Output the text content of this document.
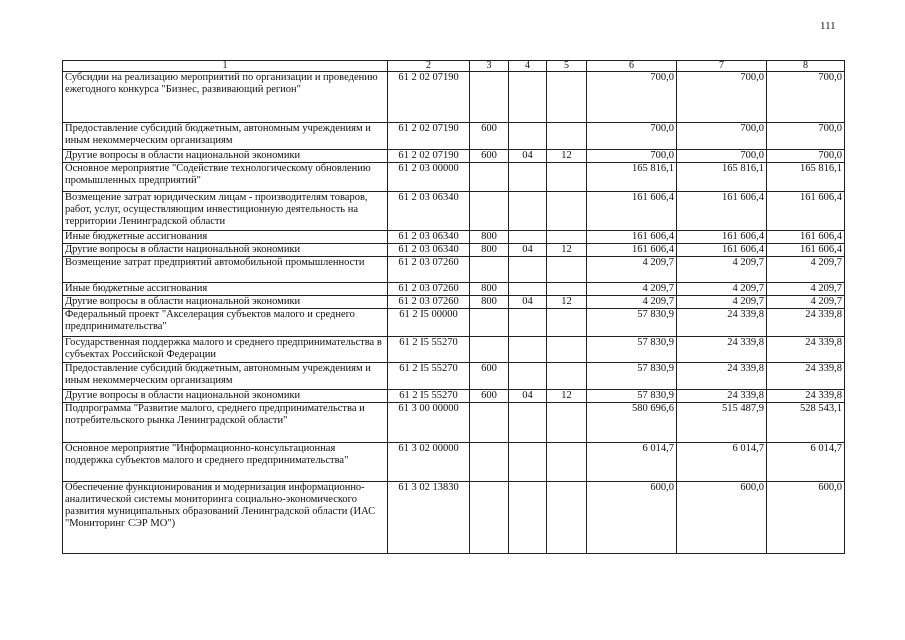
111
1	2	3	4	5	6	7	8
Субсидии на реализацию мероприятий по организации и проведению ежегодного конкурса "Бизнес, развивающий регион"	61 2 02 07190				700,0	700,0	700,0
Предоставление субсидий бюджетным, автономным учреждениям и иным некоммерческим организациям	61 2 02 07190	600			700,0	700,0	700,0
Другие вопросы в области национальной экономики	61 2 02 07190	600	04	12	700,0	700,0	700,0
Основное мероприятие "Содействие технологическому обновлению промышленных предприятий"	61 2 03 00000				165 816,1	165 816,1	165 816,1
Возмещение затрат юридическим лицам - производителям товаров, работ, услуг, осуществляющим инвестиционную деятельность на территории Ленинградской области	61 2 03 06340				161 606,4	161 606,4	161 606,4
Иные бюджетные ассигнования	61 2 03 06340	800			161 606,4	161 606,4	161 606,4
Другие вопросы в области национальной экономики	61 2 03 06340	800	04	12	161 606,4	161 606,4	161 606,4
Возмещение затрат предприятий автомобильной промышленности	61 2 03 07260				4 209,7	4 209,7	4 209,7
Иные бюджетные ассигнования	61 2 03 07260	800			4 209,7	4 209,7	4 209,7
Другие вопросы в области национальной экономики	61 2 03 07260	800	04	12	4 209,7	4 209,7	4 209,7
Федеральный проект "Акселерация субъектов малого и среднего предпринимательства"	61 2 I5 00000				57 830,9	24 339,8	24 339,8
Государственная поддержка малого и среднего предпринимательства в субъектах Российской Федерации	61 2 I5 55270				57 830,9	24 339,8	24 339,8
Предоставление субсидий бюджетным, автономным учреждениям и иным некоммерческим организациям	61 2 I5 55270	600			57 830,9	24 339,8	24 339,8
Другие вопросы в области национальной экономики	61 2 I5 55270	600	04	12	57 830,9	24 339,8	24 339,8
Подпрограмма "Развитие малого, среднего предпринимательства и потребительского рынка Ленинградской области"	61 3 00 00000				580 696,6	515 487,9	528 543,1
Основное мероприятие "Информационно-консультационная поддержка субъектов малого и среднего предпринимательства"	61 3 02 00000				6 014,7	6 014,7	6 014,7
Обеспечение функционирования и модернизация информационно-аналитической системы мониторинга социально-экономического развития муниципальных образований Ленинградской области (ИАС "Мониторинг СЭР МО")	61 3 02 13830				600,0	600,0	600,0
